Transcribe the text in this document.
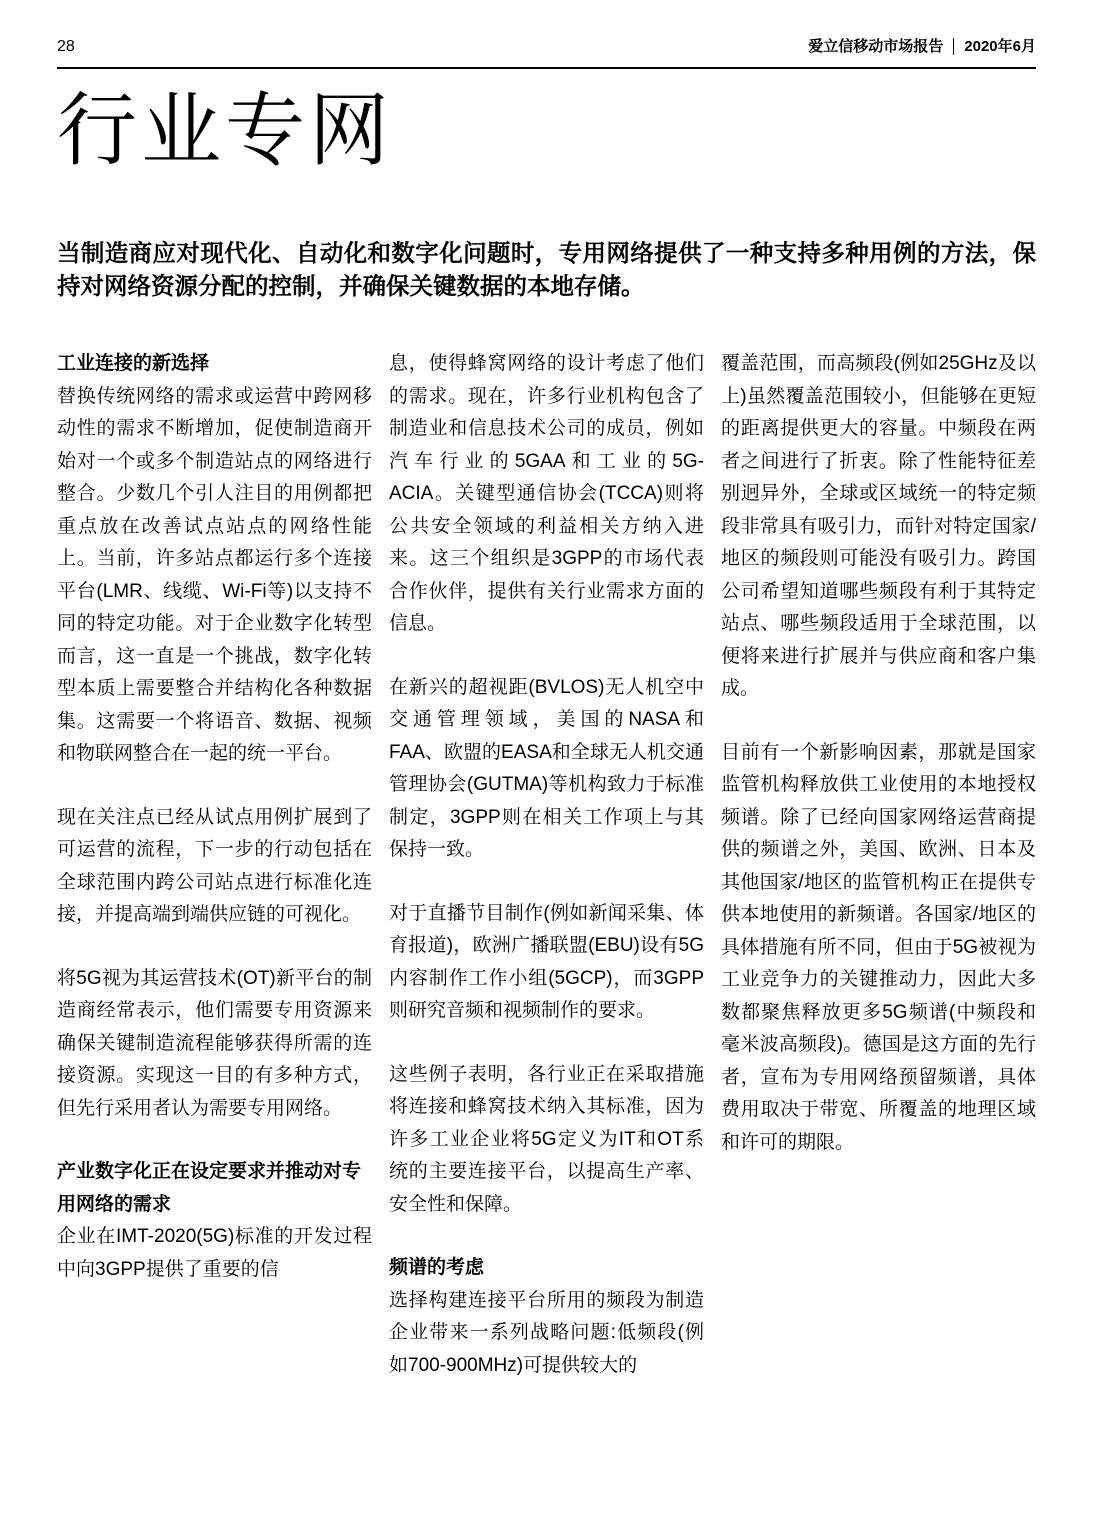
28	爱立信移动市场报告 2020年6月
行业专网

当制造商应对现代化、自动化和数字化问题时，专用网络提供了一种支持多种用例的方法，保持对网络资源分配的控制，并确保关键数据的本地存储。

工业连接的新选择

替换传统网络的需求或运营中跨网移动性的需求不断增加，促使制造商开始对一个或多个制造站点的网络进行整合。少数几个引人注目的用例都把重点放在改善试点站点的网络性能上。当前，许多站点都运行多个连接平台(LMR、线缆、Wi-Fi等)以支持不同的特定功能。对于企业数字化转型而言，这一直是一个挑战，数字化转型本质上需要整合并结构化各种数据集。这需要一个将语音、数据、视频和物联网整合在一起的统一平台。

现在关注点已经从试点用例扩展到了可运营的流程，下一步的行动包括在全球范围内跨公司站点进行标准化连接，并提高端到端供应链的可视化。

将5G视为其运营技术(OT)新平台的制造商经常表示，他们需要专用资源来确保关键制造流程能够获得所需的连接资源。实现这一目的有多种方式，但先行采用者认为需要专用网络。

产业数字化正在设定要求并推动对专用网络的需求

企业在IMT-2020(5G)标准的开发过程中向3GPP提供了重要的信

息，使得蜂窝网络的设计考虑了他们的需求。现在，许多行业机构包含了制造业和信息技术公司的成员，例如汽车行业的5GAA和工业的5G-ACIA。关键型通信协会(TCCA)则将公共安全领域的利益相关方纳入进来。这三个组织是3GPP的市场代表合作伙伴，提供有关行业需求方面的信息。

在新兴的超视距(BVLOS)无人机空中交通管理领域，美国的NASA和FAA、欧盟的EASA和全球无人机交通管理协会(GUTMA)等机构致力于标准制定，3GPP则在相关工作项上与其保持一致。

对于直播节目制作(例如新闻采集、体育报道)，欧洲广播联盟(EBU)设有5G内容制作工作小组(5GCP)，而3GPP则研究音频和视频制作的要求。

这些例子表明，各行业正在采取措施将连接和蜂窝技术纳入其标准，因为许多工业企业将5G定义为IT和OT系统的主要连接平台，以提高生产率、安全性和保障。

频谱的考虑

选择构建连接平台所用的频段为制造企业带来一系列战略问题:低频段(例如700-900MHz)可提供较大的

覆盖范围，而高频段(例如25GHz及以上)虽然覆盖范围较小，但能够在更短的距离提供更大的容量。中频段在两者之间进行了折衷。除了性能特征差别迥异外，全球或区域统一的特定频段非常具有吸引力，而针对特定国家/地区的频段则可能没有吸引力。跨国公司希望知道哪些频段有利于其特定站点、哪些频段适用于全球范围，以便将来进行扩展并与供应商和客户集成。

目前有一个新影响因素，那就是国家监管机构释放供工业使用的本地授权频谱。除了已经向国家网络运营商提供的频谱之外，美国、欧洲、日本及其他国家/地区的监管机构正在提供专供本地使用的新频谱。各国家/地区的具体措施有所不同，但由于5G被视为工业竞争力的关键推动力，因此大多数都聚焦释放更多5G频谱(中频段和毫米波高频段)。德国是这方面的先行者，宣布为专用网络预留频谱，具体费用取决于带宽、所覆盖的地理区域和许可的期限。
